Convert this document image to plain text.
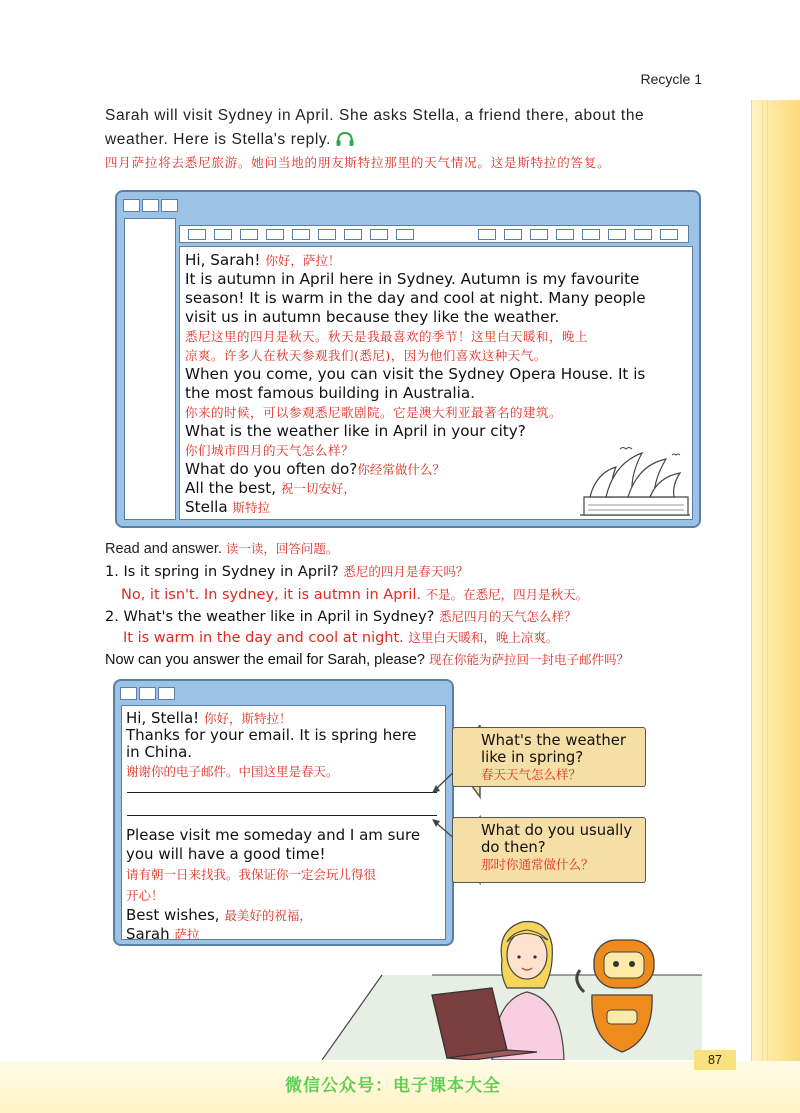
Recycle 1
Sarah will visit Sydney in April. She asks Stella, a friend there, about the
weather. Here is Stella's reply.
四月萨拉将去悉尼旅游。她问当地的朋友斯特拉那里的天气情况。这是斯特拉的答复。
Hi, Sarah! 你好，萨拉！
It is autumn in April here in Sydney. Autumn is my favourite
season! It is warm in the day and cool at night. Many people
visit us in autumn because they like the weather.
悉尼这里的四月是秋天。秋天是我最喜欢的季节！这里白天暖和，晚上
凉爽。许多人在秋天参观我们(悉尼)，因为他们喜欢这种天气。
When you come, you can visit the Sydney Opera House. It is
the most famous building in Australia.
你来的时候，可以参观悉尼歌剧院。它是澳大利亚最著名的建筑。
What is the weather like in April in your city?
你们城市四月的天气怎么样？
What do you often do?你经常做什么？
All the best, 祝一切安好，
Stella 斯特拉
Read and answer. 读一读，回答问题。
1. Is it spring in Sydney in April? 悉尼的四月是春天吗？
No, it isn't. In sydney, it is autmn in April. 不是。在悉尼，四月是秋天。
2. What's the weather like in April in Sydney? 悉尼四月的天气怎么样？
It is warm in the day and cool at night. 这里白天暖和，晚上凉爽。
Now can you answer the email for Sarah, please? 现在你能为萨拉回一封电子邮件吗？
Hi, Stella! 你好，斯特拉！
Thanks for your email. It is spring here
in China.
谢谢你的电子邮件。中国这里是春天。
Please visit me someday and I am sure
you will have a good time!
请有朝一日来找我。我保证你一定会玩儿得很
开心！
Best wishes, 最美好的祝福，
Sarah 萨拉
What's the weather
like in spring?
春天天气怎么样？
What do you usually
do then?
那时你通常做什么？
87
微信公众号：电子课本大全
